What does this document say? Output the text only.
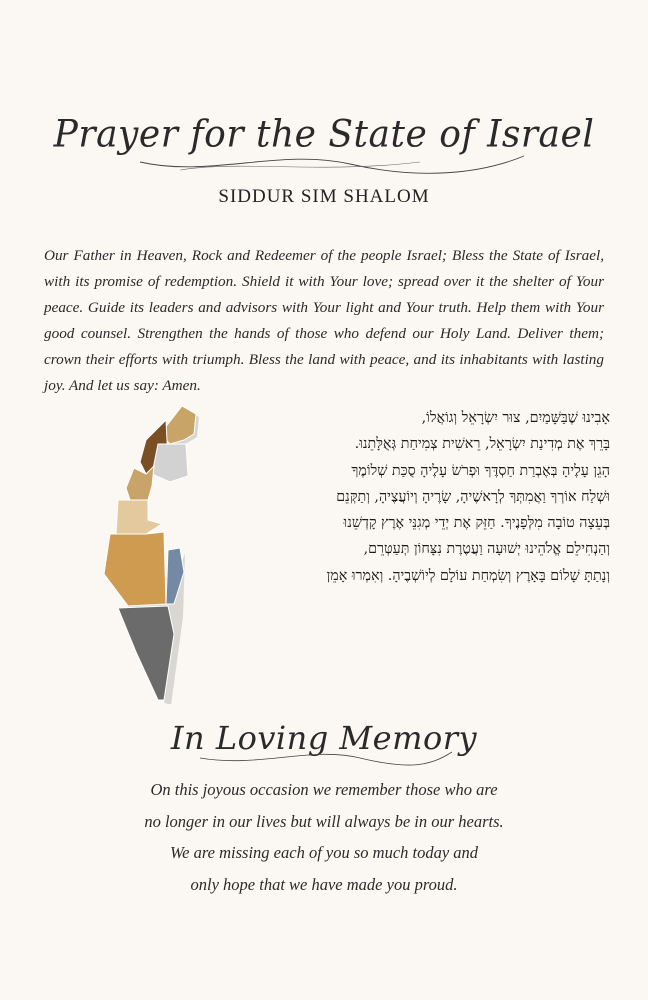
Prayer for the State of Israel
SIDDUR SIM SHALOM
Our Father in Heaven, Rock and Redeemer of the people Israel; Bless the State of Israel, with its promise of redemption. Shield it with Your love; spread over it the shelter of Your peace. Guide its leaders and advisors with Your light and Your truth. Help them with Your good counsel. Strengthen the hands of those who defend our Holy Land. Deliver them; crown their efforts with triumph. Bless the land with peace, and its inhabitants with lasting joy. And let us say: Amen.
אָבִינוּ שֶׁבַּשָּׁמַיִם, צוּר יִשְׂרָאֵל וְגוֹאֲלוֹ,
בָּרֵךְ אֶת מְדִינַת יִשְׂרָאֵל, רֵאשִׁית צְמִיחַת גְּאֻלָּתֵנוּ.
הָגֵן עָלֶיהָ בְּאֶבְרַת חַסְדֶּךָ וּפְרֹשׂ עָלֶיהָ סֻכַּת שְׁלוֹמֶךָ
וּשְׁלַח אוֹרְךָ וַאֲמִתְּךָ לְרָאשֶׁיהָ, שָׂרֶיהָ וְיוֹעֲצֶיהָ, וְתַקְּנֵם
בְּעֵצָה טוֹבָה מִלְּפָנֶיךָ. חַזֵּק אֶת יְדֵי מְגִנֵּי אֶרֶץ קָדְשֵׁנוּ
וְהַנְחִילֵם אֱלֹהֵינוּ יְשׁוּעָה וַעֲטֶרֶת נִצָּחוֹן תְּעַטְּרֵם,
וְנָתַתָּ שָׁלוֹם בָּאָרֶץ וְשִׂמְחַת עוֹלָם לְיוֹשְׁבֶיהָ. וְאִמְרוּ אָמֵן
In Loving Memory
On this joyous occasion we remember those who are
no longer in our lives but will always be in our hearts.
We are missing each of you so much today and
only hope that we have made you proud.
